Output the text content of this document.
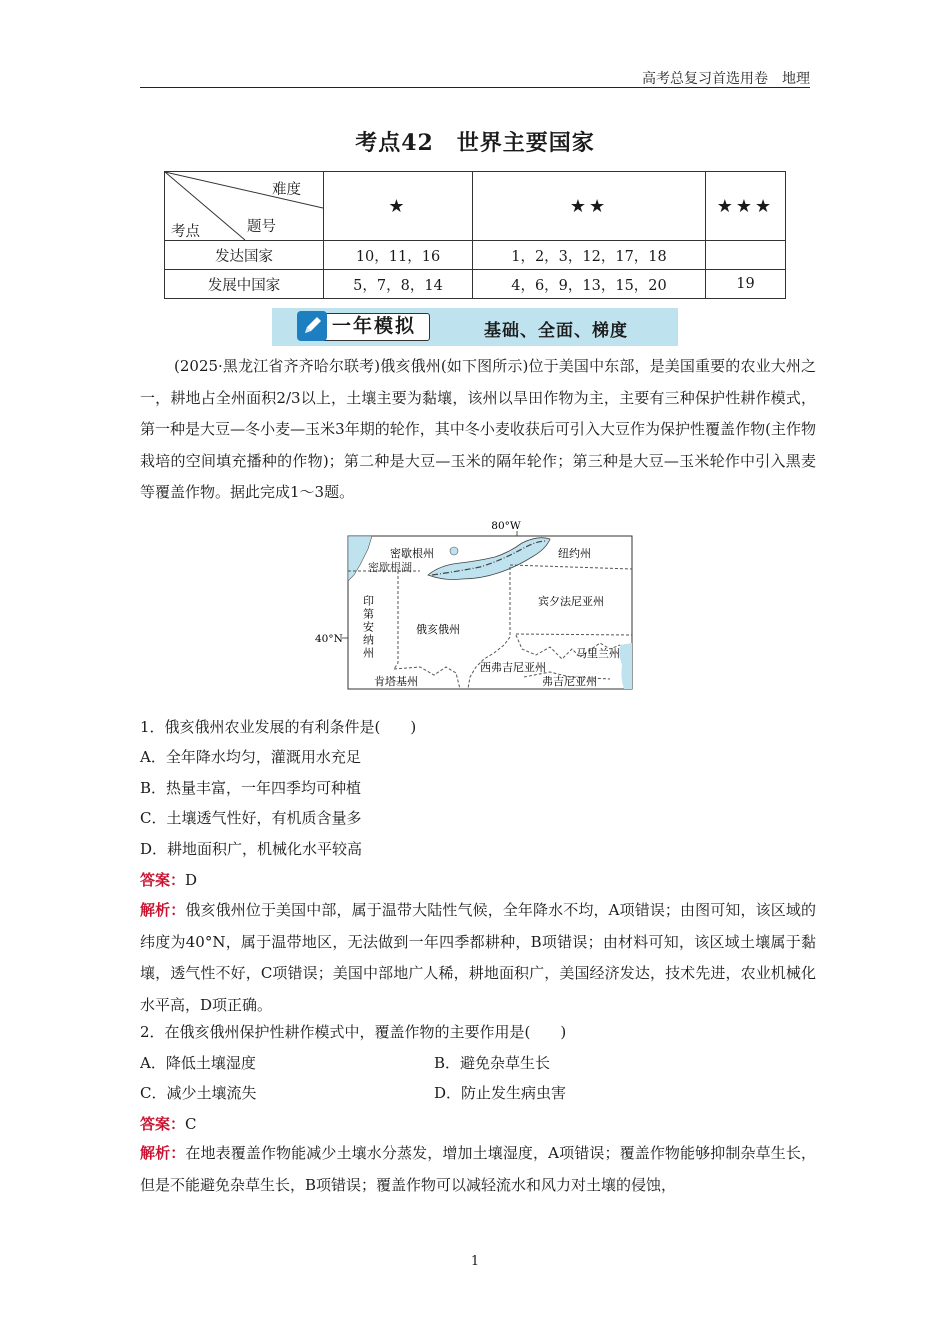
高考总复习首选用卷　地理
考点42　世界主要国家
难度
题号
考点	★	★★	★★★
发达国家	10，11，16	1，2，3，12，17，18	
发展中国家	5，7，8，14	4，6，9，13，15，20	19
一年模拟	基础、全面、梯度
(2025·黑龙江省齐齐哈尔联考)俄亥俄州(如下图所示)位于美国中东部，是美国重要的农业大州之一，耕地占全州面积2/3以上，土壤主要为黏壤，该州以旱田作物为主，主要有三种保护性耕作模式，第一种是大豆—冬小麦—玉米3年期的轮作，其中冬小麦收获后可引入大豆作为保护性覆盖作物(主作物栽培的空间填充播种的作物)；第二种是大豆—玉米的隔年轮作；第三种是大豆—玉米轮作中引入黑麦等覆盖作物。据此完成1～3题。
80°W
40°N
密歇根州
密歇根湖
纽约州
宾夕法尼亚州
印第安纳州	俄亥俄州
西弗吉尼亚州
马里兰州
肯塔基州	弗吉尼亚州
1．俄亥俄州农业发展的有利条件是(　　)
A．全年降水均匀，灌溉用水充足
B．热量丰富，一年四季均可种植
C．土壤透气性好，有机质含量多
D．耕地面积广，机械化水平较高
答案：D
解析：俄亥俄州位于美国中部，属于温带大陆性气候，全年降水不均，A项错误；由图可知，该区域的纬度为40°N，属于温带地区，无法做到一年四季都耕种，B项错误；由材料可知，该区域土壤属于黏壤，透气性不好，C项错误；美国中部地广人稀，耕地面积广，美国经济发达，技术先进，农业机械化水平高，D项正确。
2．在俄亥俄州保护性耕作模式中，覆盖作物的主要作用是(　　)
A．降低土壤湿度	B．避免杂草生长
C．减少土壤流失	D．防止发生病虫害
答案：C
解析：在地表覆盖作物能减少土壤水分蒸发，增加土壤湿度，A项错误；覆盖作物能够抑制杂草生长，但是不能避免杂草生长，B项错误；覆盖作物可以减轻流水和风力对土壤的侵蚀，
1
